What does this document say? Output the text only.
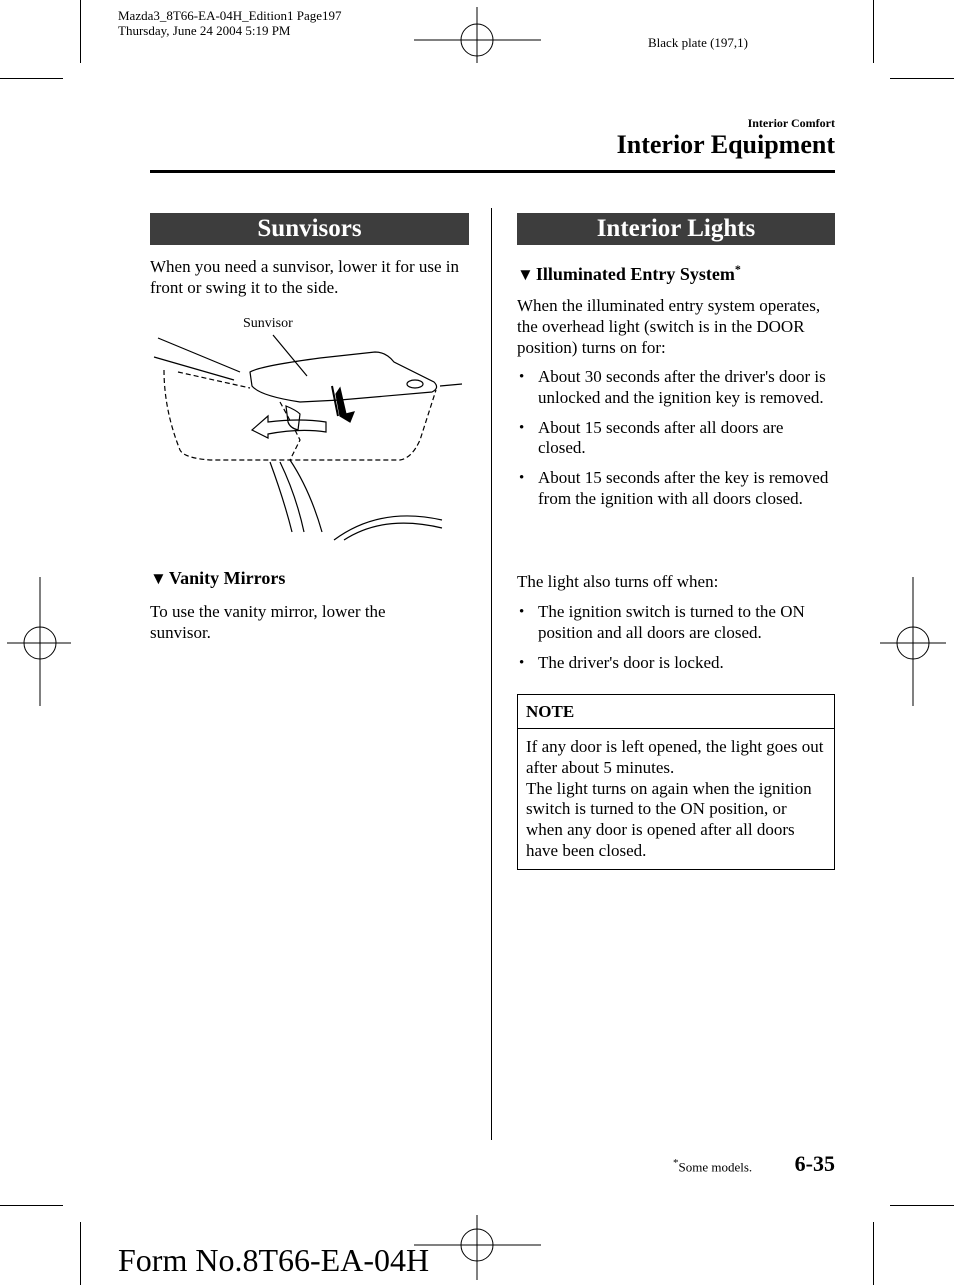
Mazda3_8T66-EA-04H_Edition1 Page197
Thursday, June 24 2004 5:19 PM
Black plate (197,1)
Interior Comfort
Interior Equipment
Sunvisors
When you need a sunvisor, lower it for use in front or swing it to the side.
Sunvisor
▼ Vanity Mirrors
To use the vanity mirror, lower the sunvisor.
Interior Lights
▼ Illuminated Entry System*
When the illuminated entry system operates, the overhead light (switch is in the DOOR position) turns on for:
• About 30 seconds after the driver's door is unlocked and the ignition key is removed.
• About 15 seconds after all doors are closed.
• About 15 seconds after the key is removed from the ignition with all doors closed.
The light also turns off when:
• The ignition switch is turned to the ON position and all doors are closed.
• The driver's door is locked.
NOTE
If any door is left opened, the light goes out after about 5 minutes.
The light turns on again when the ignition switch is turned to the ON position, or when any door is opened after all doors have been closed.
*Some models. 6-35
Form No.8T66-EA-04H
